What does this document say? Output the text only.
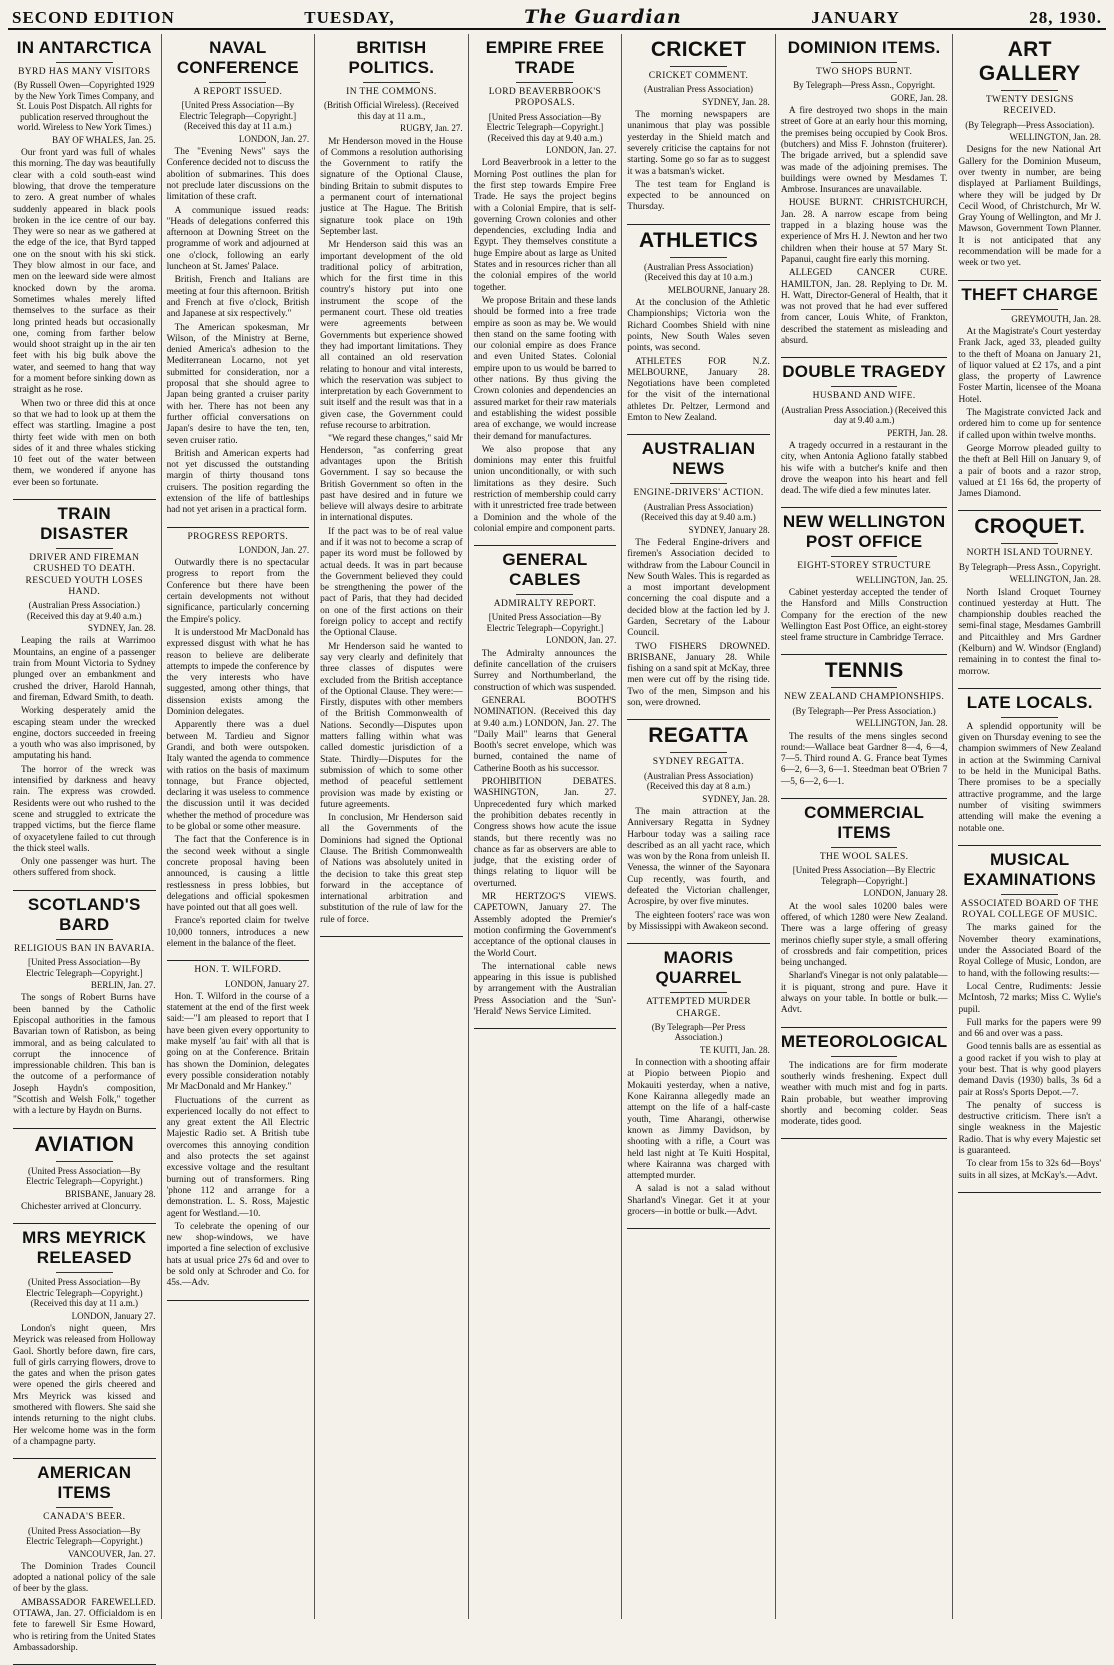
SECOND EDITION	TUESDAY,	The Guardian	JANUARY	28, 1930.
IN ANTARCTICA
BYRD HAS MANY VISITORS
(By Russell Owen—Copyrighted 1929 by the New York Times Company, and St. Louis Post Dispatch. All rights for publication reserved throughout the world. Wireless to New York Times.)
BAY OF WHALES, Jan. 25.

Our front yard was full of whales this morning. The day was beautifully clear with a cold south-east wind blowing, that drove the temperature to zero. A great number of whales suddenly appeared in black pools broken in the ice centre of our bay. They were so near as we gathered at the edge of the ice, that Byrd tapped one on the snout with his ski stick. They blow almost in our face, and men on the leeward side were almost knocked down by the aroma. Sometimes whales merely lifted themselves to the surface as their long printed heads but occasionally one, coming from farther below would shoot straight up in the air ten feet with his big bulk above the water, and seemed to hang that way for a moment before sinking down as straight as he rose.

When two or three did this at once so that we had to look up at them the effect was startling. Imagine a post thirty feet wide with men on both sides of it and three whales sticking 10 feet out of the water between them, we wondered if anyone has ever been so fortunate.

TRAIN DISASTER
DRIVER AND FIREMAN CRUSHED TO DEATH. RESCUED YOUTH LOSES HAND.
(Australian Press Association.) (Received this day at 9.40 a.m.)
SYDNEY, Jan. 28.

Leaping the rails at Warrimoo Mountains, an engine of a passenger train from Mount Victoria to Sydney plunged over an embankment and crushed the driver, Harold Hannah, and fireman, Edward Smith, to death.

Working desperately amid the escaping steam under the wrecked engine, doctors succeeded in freeing a youth who was also imprisoned, by amputating his hand.

The horror of the wreck was intensified by darkness and heavy rain. The express was crowded. Residents were out who rushed to the scene and struggled to extricate the trapped victims, but the fierce flame of oxyacetylene failed to cut through the thick steel walls.

Only one passenger was hurt. The others suffered from shock.

SCOTLAND'S BARD
RELIGIOUS BAN IN BAVARIA.
[United Press Association—By Electric Telegraph—Copyright.]
BERLIN, Jan. 27.

The songs of Robert Burns have been banned by the Catholic Episcopal authorities in the famous Bavarian town of Ratisbon, as being immoral, and as being calculated to corrupt the innocence of impressionable children. This ban is the outcome of a performance of Joseph Haydn's composition, "Scottish and Welsh Folk," together with a lecture by Haydn on Burns.

AVIATION
(United Press Association—By Electric Telegraph—Copyright.)
BRISBANE, January 28.

Chichester arrived at Cloncurry.

MRS MEYRICK RELEASED
(United Press Association—By Electric Telegraph—Copyright.) (Received this day at 11 a.m.)
LONDON, January 27.

London's night queen, Mrs Meyrick was released from Holloway Gaol. Shortly before dawn, fire cars, full of girls carrying flowers, drove to the gates and when the prison gates were opened the girls cheered and Mrs Meyrick was kissed and smothered with flowers. She said she intends returning to the night clubs. Her welcome home was in the form of a champagne party.

AMERICAN ITEMS
CANADA'S BEER.
(United Press Association—By Electric Telegraph—Copyright.)
VANCOUVER, Jan. 27.

The Dominion Trades Council adopted a national policy of the sale of beer by the glass.

AMBASSADOR FAREWELLED. OTTAWA, Jan. 27. Officialdom is en fete to farewell Sir Esme Howard, who is retiring from the United States Ambassadorship.

NAVAL CONFERENCE
A REPORT ISSUED.
[United Press Association—By Electric Telegraph—Copyright.] (Received this day at 11 a.m.)
LONDON, Jan. 27.

The "Evening News" says the Conference decided not to discuss the abolition of submarines. This does not preclude later discussions on the limitation of these craft.

A communique issued reads: "Heads of delegations conferred this afternoon at Downing Street on the programme of work and adjourned at one o'clock, following an early luncheon at St. James' Palace.

British, French and Italians are meeting at four this afternoon. British and French at five o'clock, British and Japanese at six respectively."

The American spokesman, Mr Wilson, of the Ministry at Berne, denied America's adhesion to the Mediterranean Locarno, not yet submitted for consideration, nor a proposal that she should agree to Japan being granted a cruiser parity with her. There has not been any further official conversations on Japan's desire to have the ten, ten, seven cruiser ratio.

British and American experts had not yet discussed the outstanding margin of thirty thousand tons cruisers. The position regarding the extension of the life of battleships had not yet arisen in a practical form.

PROGRESS REPORTS.
LONDON, Jan. 27.

Outwardly there is no spectacular progress to report from the Conference but there have been certain developments not without significance, particularly concerning the Empire's policy.

It is understood Mr MacDonald has expressed disgust with what he has reason to believe are deliberate attempts to impede the conference by the very interests who have suggested, among other things, that dissension exists among the Dominion delegates.

Apparently there was a duel between M. Tardieu and Signor Grandi, and both were outspoken. Italy wanted the agenda to commence with ratios on the basis of maximum tonnage, but France objected, declaring it was useless to commence the discussion until it was decided whether the method of procedure was to be global or some other measure.

The fact that the Conference is in the second week without a single concrete proposal having been announced, is causing a little restlessness in press lobbies, but delegations and official spokesmen have pointed out that all goes well.

France's reported claim for twelve 10,000 tonners, introduces a new element in the balance of the fleet.

HON. T. WILFORD.
LONDON, January 27.

Hon. T. Wilford in the course of a statement at the end of the first week said:—"I am pleased to report that I have been given every opportunity to make myself 'au fait' with all that is going on at the Conference. Britain has shown the Dominion, delegates every possible consideration notably Mr MacDonald and Mr Hankey."

Fluctuations of the current as experienced locally do not effect to any great extent the All Electric Majestic Radio set. A British tube overcomes this annoying condition and also protects the set against excessive voltage and the resultant burning out of transformers. Ring 'phone 112 and arrange for a demonstration. L. S. Ross, Majestic agent for Westland.—10.

To celebrate the opening of our new shop-windows, we have imported a fine selection of exclusive hats at usual price 27s 6d and over to be sold only at Schroder and Co. for 45s.—Adv.

BRITISH POLITICS.
IN THE COMMONS.
(British Official Wireless). (Received this day at 11 a.m.,
RUGBY, Jan. 27.

Mr Henderson moved in the House of Commons a resolution authorising the Government to ratify the signature of the Optional Clause, binding Britain to submit disputes to a permanent court of international justice at The Hague. The British signature took place on 19th September last.

Mr Henderson said this was an important development of the old traditional policy of arbitration, which for the first time in this country's history put into one instrument the scope of the permanent court. These old treaties were agreements between Governments but experience showed they had important limitations. They all contained an old reservation relating to honour and vital interests, which the reservation was subject to interpretation by each Government to suit itself and the result was that in a given case, the Government could refuse recourse to arbitration.

"We regard these changes," said Mr Henderson, "as conferring great advantages upon the British Government. I say so because the British Government so often in the past have desired and in future we believe will always desire to arbitrate in international disputes.

If the pact was to be of real value and if it was not to become a scrap of paper its word must be followed by actual deeds. It was in part because the Government believed they could be strengthening the power of the pact of Paris, that they had decided on one of the first actions on their foreign policy to accept and rectify the Optional Clause.

Mr Henderson said he wanted to say very clearly and definitely that three classes of disputes were excluded from the British acceptance of the Optional Clause. They were:—Firstly, disputes with other members of the British Commonwealth of Nations. Secondly—Disputes upon matters falling within what was called domestic jurisdiction of a State. Thirdly—Disputes for the submission of which to some other method of peaceful settlement provision was made by existing or future agreements.

In conclusion, Mr Henderson said all the Governments of the Dominions had signed the Optional Clause. The British Commonwealth of Nations was absolutely united in the decision to take this great step forward in the acceptance of international arbitration and substitution of the rule of law for the rule of force.

EMPIRE FREE TRADE
LORD BEAVERBROOK'S PROPOSALS.
[United Press Association—By Electric Telegraph—Copyright.] (Received this day at 9.40 a.m.)
LONDON, Jan. 27.

Lord Beaverbrook in a letter to the Morning Post outlines the plan for the first step towards Empire Free Trade. He says the project begins with a Colonial Empire, that is self-governing Crown colonies and other dependencies, excluding India and Egypt. They themselves constitute a huge Empire about as large as United States and in resources richer than all the colonial empires of the world together.

We propose Britain and these lands should be formed into a free trade empire as soon as may be. We would then stand on the same footing with our colonial empire as does France and even United States. Colonial empire upon to us would be barred to other nations. By thus giving the Crown colonies and dependencies an assured market for their raw materials and establishing the widest possible area of exchange, we would increase their demand for manufactures.

We also propose that any dominions may enter this fruitful union unconditionally, or with such limitations as they desire. Such restriction of membership could carry with it unrestricted free trade between a Dominion and the whole of the colonial empire and component parts.

GENERAL CABLES
ADMIRALTY REPORT.
[United Press Association—By Electric Telegraph—Copyright.]
LONDON, Jan. 27.

The Admiralty announces the definite cancellation of the cruisers Surrey and Northumberland, the construction of which was suspended.

GENERAL BOOTH'S NOMINATION. (Received this day at 9.40 a.m.) LONDON, Jan. 27. The "Daily Mail" learns that General Booth's secret envelope, which was burned, contained the name of Catherine Booth as his successor.

PROHIBITION DEBATES. WASHINGTON, Jan. 27. Unprecedented fury which marked the prohibition debates recently in Congress shows how acute the issue stands, but there recently was no chance as far as observers are able to judge, that the existing order of things relating to liquor will be overturned.

MR HERTZOG'S VIEWS. CAPETOWN, January 27. The Assembly adopted the Premier's motion confirming the Government's acceptance of the optional clauses in the World Court.

The international cable news appearing in this issue is published by arrangement with the Australian Press Association and the 'Sun'-'Herald' News Service Limited.

CRICKET
CRICKET COMMENT.
(Australian Press Association)
SYDNEY, Jan. 28.

The morning newspapers are unanimous that play was possible yesterday in the Shield match and severely criticise the captains for not starting. Some go so far as to suggest it was a batsman's wicket.

The test team for England is expected to be announced on Thursday.

ATHLETICS
(Australian Press Association) (Received this day at 10 a.m.)
MELBOURNE, January 28.

At the conclusion of the Athletic Championships; Victoria won the Richard Coombes Shield with nine points, New South Wales seven points, was second.

ATHLETES FOR N.Z. MELBOURNE, January 28. Negotiations have been completed for the visit of the international athletes Dr. Peltzer, Lermond and Emton to New Zealand.

AUSTRALIAN NEWS
ENGINE-DRIVERS' ACTION.
(Australian Press Association) (Received this day at 9.40 a.m.)
SYDNEY, January 28.

The Federal Engine-drivers and firemen's Association decided to withdraw from the Labour Council in New South Wales. This is regarded as a most important development concerning the coal dispute and a decided blow at the faction led by J. Garden, Secretary of the Labour Council.

TWO FISHERS DROWNED. BRISBANE, January 28. While fishing on a sand spit at McKay, three men were cut off by the rising tide. Two of the men, Simpson and his son, were drowned.

REGATTA
SYDNEY REGATTA.
(Australian Press Association) (Received this day at 8 a.m.)
SYDNEY, Jan. 28.

The main attraction at the Anniversary Regatta in Sydney Harbour today was a sailing race described as an all yacht race, which was won by the Rona from unleish II. Venessa, the winner of the Sayonara Cup recently, was fourth, and defeated the Victorian challenger, Acrospire, by over five minutes.

The eighteen footers' race was won by Mississippi with Awakeon second.

MAORIS QUARREL
ATTEMPTED MURDER CHARGE.
(By Telegraph—Per Press Association.)
TE KUITI, Jan. 28.

In connection with a shooting affair at Piopio between Piopio and Mokauiti yesterday, when a native, Kone Kairanna allegedly made an attempt on the life of a half-caste youth, Time Aharangi, otherwise known as Jimmy Davidson, by shooting with a rifle, a Court was held last night at Te Kuiti Hospital, where Kairanna was charged with attempted murder.

A salad is not a salad without Sharland's Vinegar. Get it at your grocers—in bottle or bulk.—Advt.

DOMINION ITEMS.
TWO SHOPS BURNT.
By Telegraph—Press Assn., Copyright.
GORE, Jan. 28.

A fire destroyed two shops in the main street of Gore at an early hour this morning, the premises being occupied by Cook Bros. (butchers) and Miss F. Johnston (fruiterer). The brigade arrived, but a splendid save was made of the adjoining premises. The buildings were owned by Mesdames T. Ambrose. Insurances are unavailable.

HOUSE BURNT. CHRISTCHURCH, Jan. 28. A narrow escape from being trapped in a blazing house was the experience of Mrs H. J. Newton and her two children when their house at 57 Mary St. Papanui, caught fire early this morning.

ALLEGED CANCER CURE. HAMILTON, Jan. 28. Replying to Dr. M. H. Watt, Director-General of Health, that it was not proved that he had ever suffered from cancer, Louis White, of Frankton, described the statement as misleading and absurd.

DOUBLE TRAGEDY
HUSBAND AND WIFE.
(Australian Press Association.) (Received this day at 9.40 a.m.)
PERTH, Jan. 28.

A tragedy occurred in a restaurant in the city, when Antonia Agliono fatally stabbed his wife with a butcher's knife and then drove the weapon into his heart and fell dead. The wife died a few minutes later.

NEW WELLINGTON POST OFFICE
EIGHT-STOREY STRUCTURE
WELLINGTON, Jan. 25.

Cabinet yesterday accepted the tender of the Hansford and Mills Construction Company for the erection of the new Wellington East Post Office, an eight-storey steel frame structure in Cambridge Terrace.

TENNIS
NEW ZEALAND CHAMPIONSHIPS.
(By Telegraph—Per Press Association.)
WELLINGTON, Jan. 28.

The results of the mens singles second round:—Wallace beat Gardner 8—4, 6—4, 7—5. Third round A. G. France beat Tymes 6—2, 6—3, 6—1. Steedman beat O'Brien 7—5, 6—2, 6—1.

COMMERCIAL ITEMS
THE WOOL SALES.
[United Press Association—By Electric Telegraph—Copyright.]
LONDON, January 28.

At the wool sales 10200 bales were offered, of which 1280 were New Zealand. There was a large offering of greasy merinos chiefly super style, a small offering of crossbreds and fair competition, prices being unchanged.

Sharland's Vinegar is not only palatable—it is piquant, strong and pure. Have it always on your table. In bottle or bulk.—Advt.

METEOROLOGICAL

The indications are for firm moderate southerly winds freshening. Expect dull weather with much mist and fog in parts. Rain probable, but weather improving shortly and becoming colder. Seas moderate, tides good.

ART GALLERY
TWENTY DESIGNS RECEIVED.
(By Telegraph—Press Association).
WELLINGTON, Jan. 28.

Designs for the new National Art Gallery for the Dominion Museum, over twenty in number, are being displayed at Parliament Buildings, where they will be judged by Dr Cecil Wood, of Christchurch, Mr W. Gray Young of Wellington, and Mr J. Mawson, Government Town Planner. It is not anticipated that any recommendation will be made for a week or two yet.

THEFT CHARGE
GREYMOUTH, Jan. 28.

At the Magistrate's Court yesterday Frank Jack, aged 33, pleaded guilty to the theft of Moana on January 21, of liquor valued at £2 17s, and a pint glass, the property of Lawrence Foster Martin, licensee of the Moana Hotel.

The Magistrate convicted Jack and ordered him to come up for sentence if called upon within twelve months.

George Morrow pleaded guilty to the theft at Bell Hill on January 9, of a pair of boots and a razor strop, valued at £1 16s 6d, the property of James Diamond.

CROQUET.
NORTH ISLAND TOURNEY.
By Telegraph—Press Assn., Copyright.
WELLINGTON, Jan. 28.

North Island Croquet Tourney continued yesterday at Hutt. The championship doubles reached the semi-final stage, Mesdames Gambrill and Pitcaithley and Mrs Gardner (Kelburn) and W. Windsor (England) remaining in to contest the final to-morrow.

LATE LOCALS.

A splendid opportunity will be given on Thursday evening to see the champion swimmers of New Zealand in action at the Swimming Carnival to be held in the Municipal Baths. There promises to be a specially attractive programme, and the large number of visiting swimmers attending will make the evening a notable one.

MUSICAL EXAMINATIONS
ASSOCIATED BOARD OF THE ROYAL COLLEGE OF MUSIC.

The marks gained for the November theory examinations, under the Associated Board of the Royal College of Music, London, are to hand, with the following results:—

Local Centre, Rudiments: Jessie McIntosh, 72 marks; Miss C. Wylie's pupil.

Full marks for the papers were 99 and 66 and over was a pass.

Good tennis balls are as essential as a good racket if you wish to play at your best. That is why good players demand Davis (1930) balls, 3s 6d a pair at Ross's Sports Depot.—7.

The penalty of success is destructive criticism. There isn't a single weakness in the Majestic Radio. That is why every Majestic set is guaranteed.

To clear from 15s to 32s 6d—Boys' suits in all sizes, at McKay's.—Advt.
